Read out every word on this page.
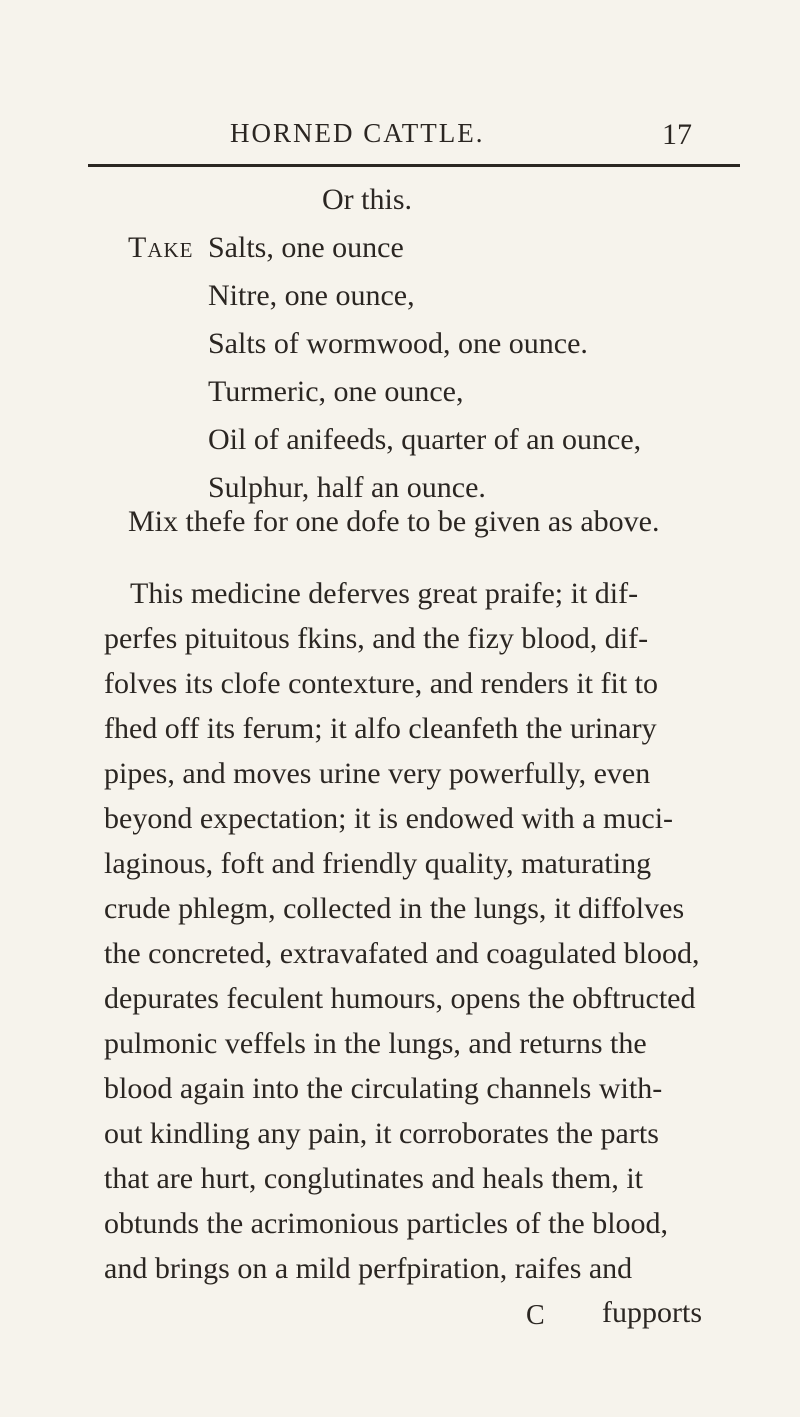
HORNED CATTLE.	17
Or this.
Take Salts, one ounce
Nitre, one ounce,
Salts of wormwood, one ounce.
Turmeric, one ounce,
Oil of anifeeds, quarter of an ounce,
Sulphur, half an ounce.
Mix thefe for one dofe to be given as above.
This medicine deferves great praife; it dif-
perfes pituitous fkins, and the fizy blood, dif-
folves its clofe contexture, and renders it fit to
fhed off its ferum; it alfo cleanfeth the urinary
pipes, and moves urine very powerfully, even
beyond expectation; it is endowed with a muci-
laginous, foft and friendly quality, maturating
crude phlegm, collected in the lungs, it diffolves
the concreted, extravafated and coagulated blood,
depurates feculent humours, opens the obftructed
pulmonic veffels in the lungs, and returns the
blood again into the circulating channels with-
out kindling any pain, it corroborates the parts
that are hurt, conglutinates and heals them, it
obtunds the acrimonious particles of the blood,
and brings on a mild perfpiration, raifes and
C fupports
